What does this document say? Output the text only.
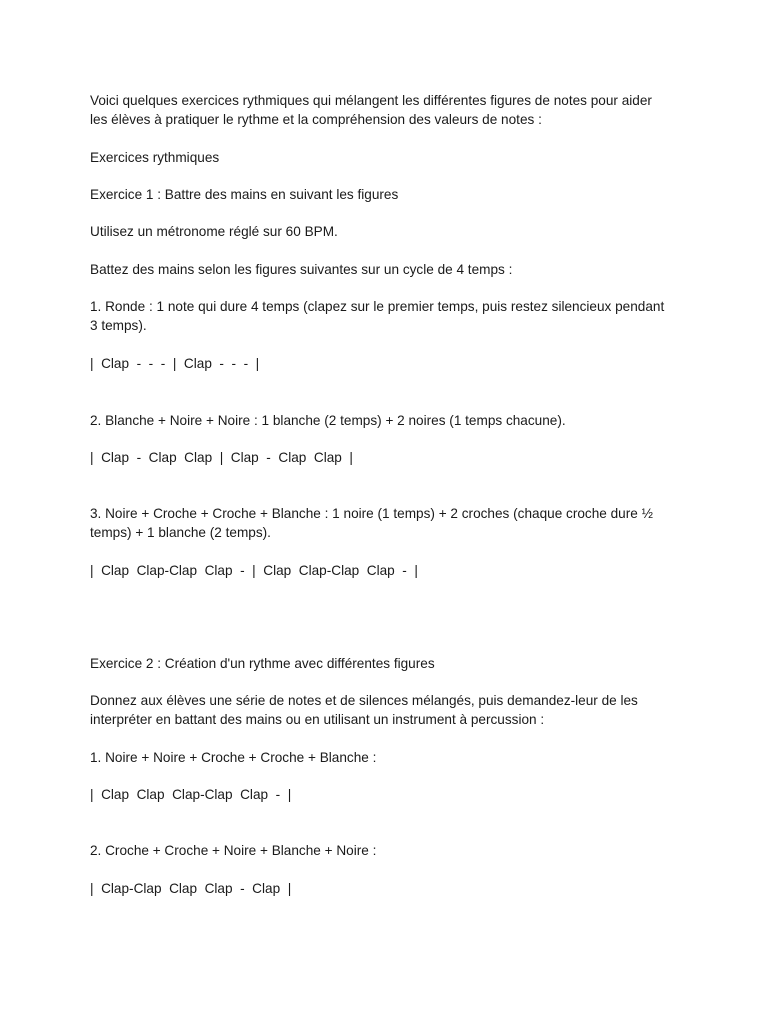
Voici quelques exercices rythmiques qui mélangent les différentes figures de notes pour aider

les élèves à pratiquer le rythme et la compréhension des valeurs de notes :

Exercices rythmiques

Exercice 1 : Battre des mains en suivant les figures

Utilisez un métronome réglé sur 60 BPM.

Battez des mains selon les figures suivantes sur un cycle de 4 temps :

1. Ronde : 1 note qui dure 4 temps (clapez sur le premier temps, puis restez silencieux pendant

3 temps).

|  Clap  -  -  -  |  Clap  -  -  -  |

2. Blanche + Noire + Noire : 1 blanche (2 temps) + 2 noires (1 temps chacune).

|  Clap  -  Clap  Clap  |  Clap  -  Clap  Clap  |

3. Noire + Croche + Croche + Blanche : 1 noire (1 temps) + 2 croches (chaque croche dure ½

temps) + 1 blanche (2 temps).

|  Clap  Clap-Clap  Clap  -  |  Clap  Clap-Clap  Clap  -  |

Exercice 2 : Création d'un rythme avec différentes figures

Donnez aux élèves une série de notes et de silences mélangés, puis demandez-leur de les

interpréter en battant des mains ou en utilisant un instrument à percussion :

1. Noire + Noire + Croche + Croche + Blanche :

|  Clap  Clap  Clap-Clap  Clap  -  |

2. Croche + Croche + Noire + Blanche + Noire :

|  Clap-Clap  Clap  Clap  -  Clap  |
